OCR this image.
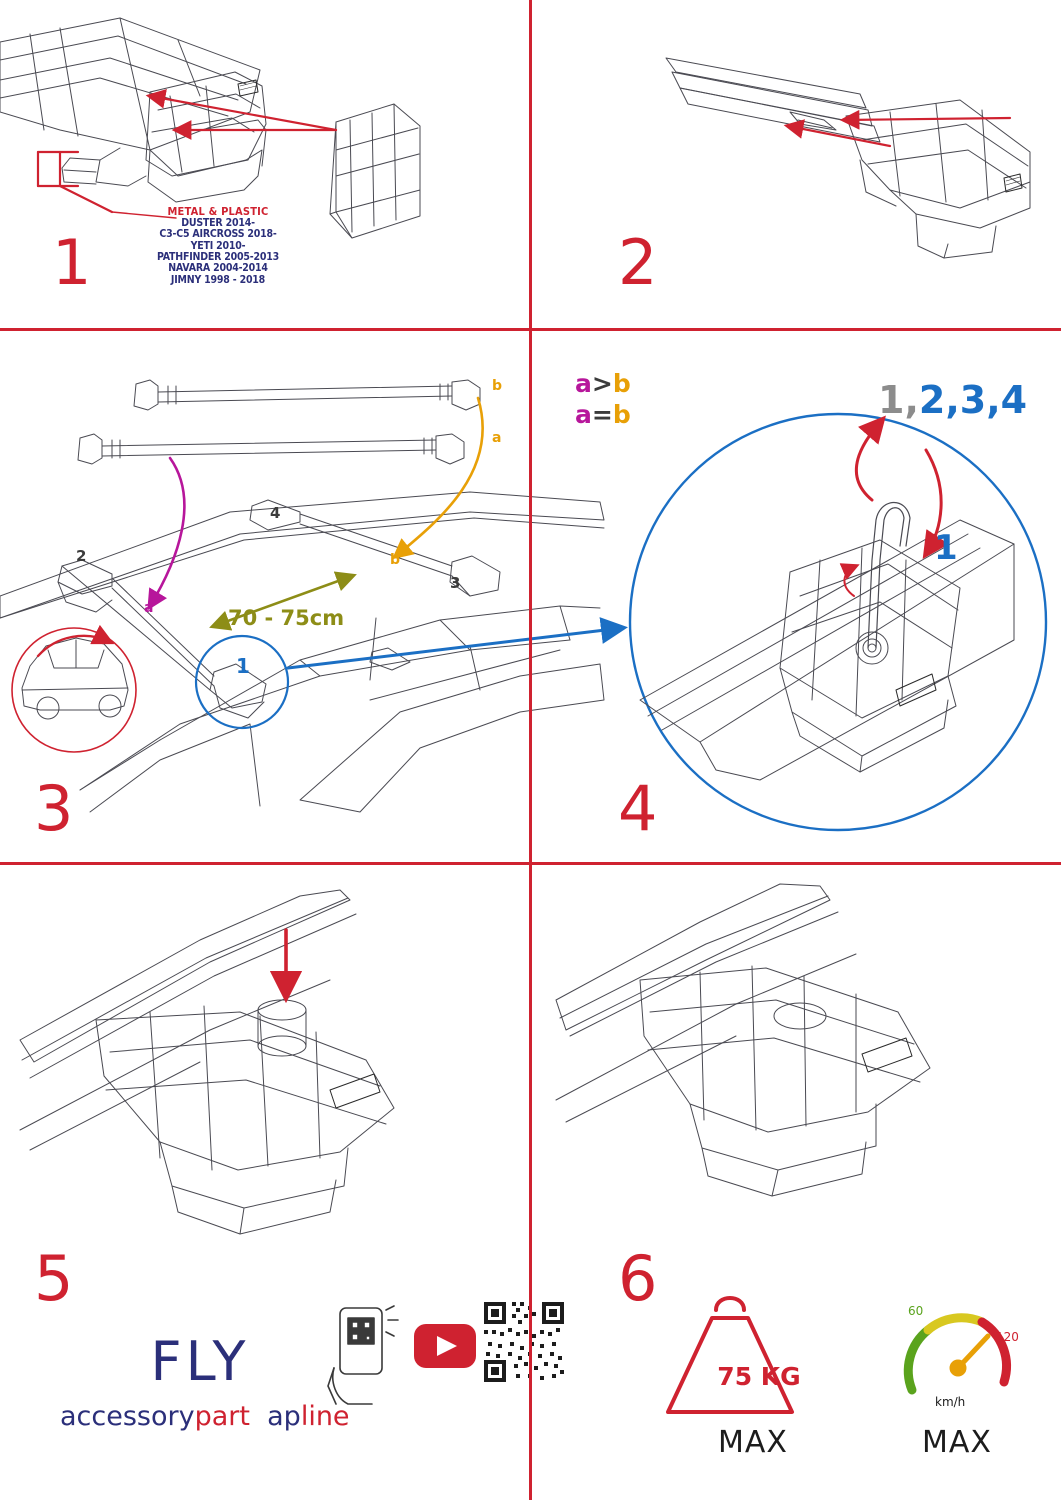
1	2
3	4
5	6
METAL & PLASTIC
DUSTER 2014-
C3-C5 AIRCROSS 2018-
YETI 2010-
PATHFINDER 2005-2013
NAVARA 2004-2014
JIMNY 1998 - 2018
a>b
a=b
70 - 75cm
b
a
b
a
2
3
4
1
1,2,3,4
1
FLY
accessorypart apline
75 KG
MAX	MAX
km/h
60
120
